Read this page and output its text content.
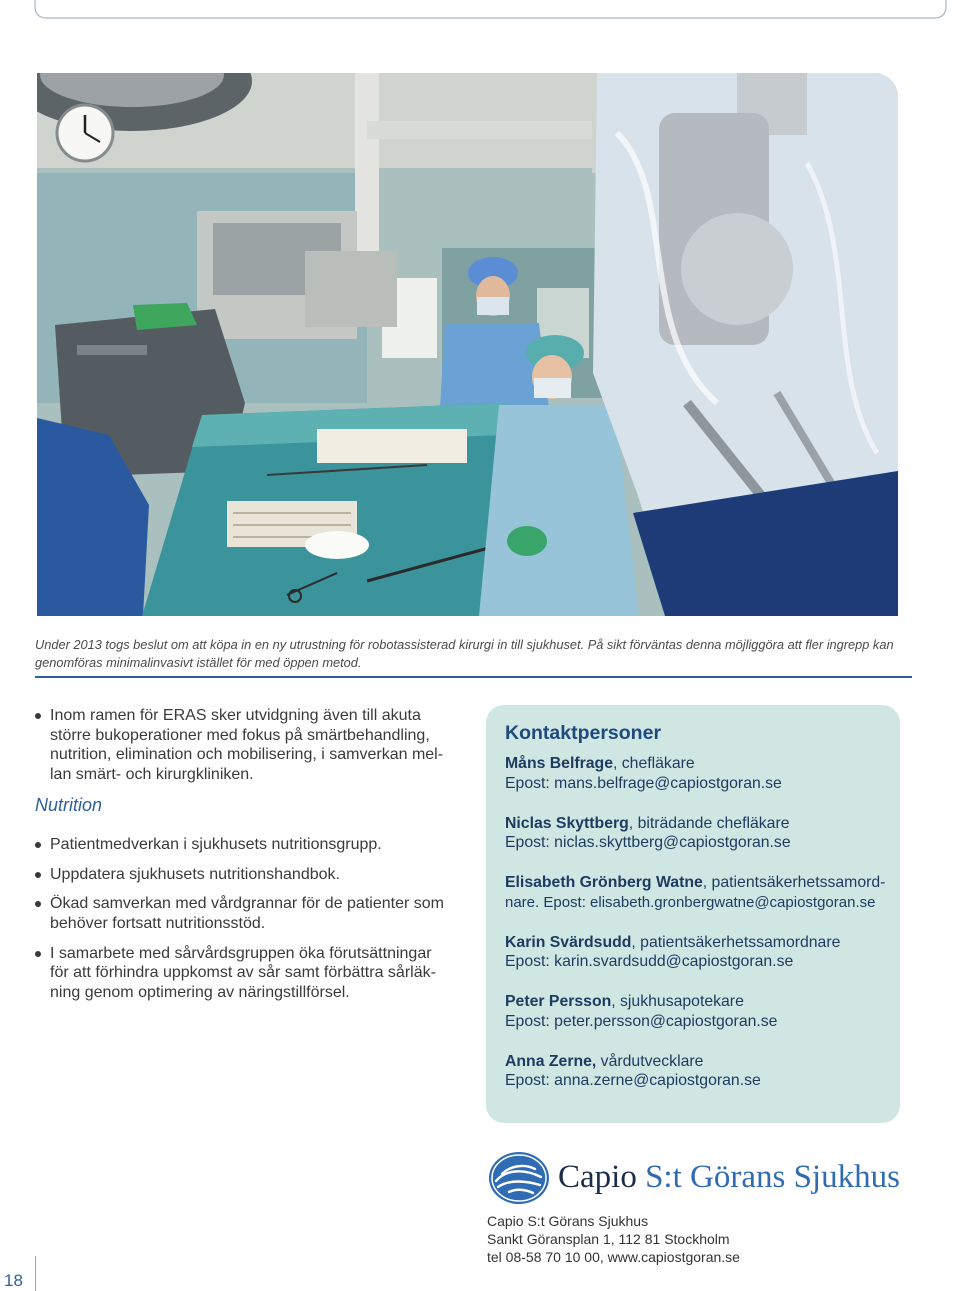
Under 2013 togs beslut om att köpa in en ny utrustning för robotassisterad kirurgi in till sjukhuset. På sikt förväntas denna möjliggöra att fler ingrepp kan
genomföras minimalinvasivt istället för med öppen metod.
Inom ramen för ERAS sker utvidgning även till akuta
större bukoperationer med fokus på smärtbehandling,
nutrition, elimination och mobilisering, i samverkan mel-
lan smärt- och kirurgkliniken.
Nutrition
Patientmedverkan i sjukhusets nutritionsgrupp.
Uppdatera sjukhusets nutritionshandbok.
Ökad samverkan med vårdgrannar för de patienter som
behöver fortsatt nutritionsstöd.
I samarbete med sårvårdsgruppen öka förutsättningar
för att förhindra uppkomst av sår samt förbättra sårläk-
ning genom optimering av näringstillförsel.
Kontaktpersoner
Måns Belfrage, chefläkare
Epost: mans.belfrage@capiostgoran.se
Niclas Skyttberg, biträdande chefläkare
Epost: niclas.skyttberg@capiostgoran.se
Elisabeth Grönberg Watne, patientsäkerhetssamord-
nare. Epost: elisabeth.gronbergwatne@capiostgoran.se
Karin Svärdsudd, patientsäkerhetssamordnare
Epost: karin.svardsudd@capiostgoran.se
Peter Persson, sjukhusapotekare
Epost: peter.persson@capiostgoran.se
Anna Zerne, vårdutvecklare
Epost: anna.zerne@capiostgoran.se
Capio S:t Görans Sjukhus
Capio S:t Görans Sjukhus
Sankt Göransplan 1, 112 81 Stockholm
tel 08-58 70 10 00, www.capiostgoran.se
18
